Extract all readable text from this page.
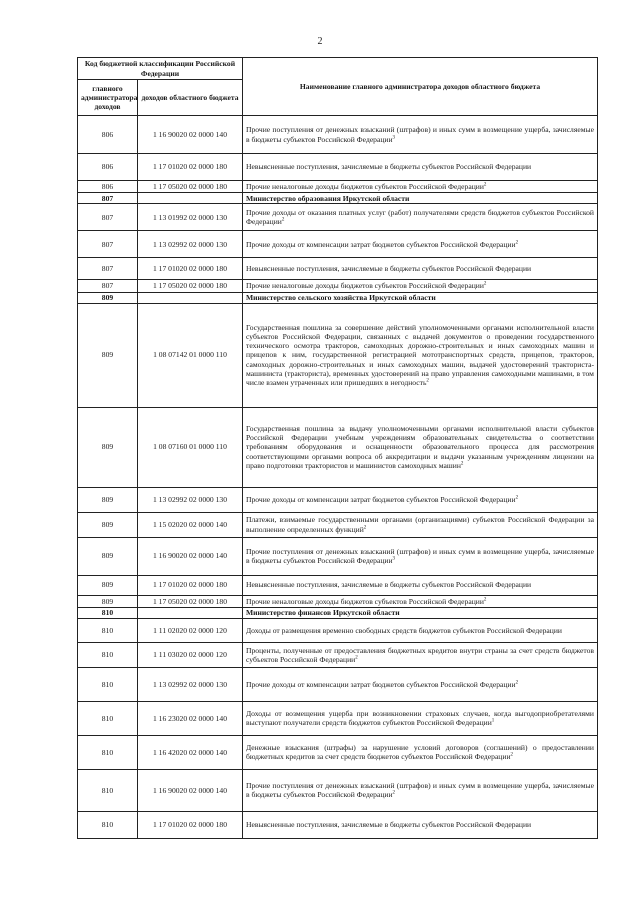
2
Код бюджетной классификации Российской Федерации		Наименование главного администратора доходов областного бюджета
главного администратора доходов	доходов областного бюджета	
806	1 16 90020 02 0000 140	Прочие поступления от денежных взысканий (штрафов) и иных сумм в возмещение ущерба, зачисляемые в бюджеты субъектов Российской Федерации$^3$
806	1 17 01020 02 0000 180	Невыясненные поступления, зачисляемые в бюджеты субъектов Российской Федерации
806	1 17 05020 02 0000 180	Прочие неналоговые доходы бюджетов субъектов Российской Федерации$^2$
807		Министерство образования Иркутской области
807	1 13 01992 02 0000 130	Прочие доходы от оказания платных услуг (работ) получателями средств бюджетов субъектов Российской Федерации$^2$
807	1 13 02992 02 0000 130	Прочие доходы от компенсации затрат бюджетов субъектов Российской Федерации$^2$
807	1 17 01020 02 0000 180	Невыясненные поступления, зачисляемые в бюджеты субъектов Российской Федерации
807	1 17 05020 02 0000 180	Прочие неналоговые доходы бюджетов субъектов Российской Федерации$^2$
809		Министерство сельского хозяйства Иркутской области
809	1 08 07142 01 0000 110	Государственная пошлина за совершение действий уполномоченными органами исполнительной власти субъектов Российской Федерации, связанных с выдачей документов о проведении государственного технического осмотра тракторов, самоходных дорожно-строительных и иных самоходных машин и прицепов к ним, государственной регистрацией мототранспортных средств, прицепов, тракторов, самоходных дорожно-строительных и иных самоходных машин, выдачей удостоверений тракториста-машиниста (тракториста), временных удостоверений на право управления самоходными машинами, в том числе взамен утраченных или пришедших в негодность$^2$
809	1 08 07160 01 0000 110	Государственная пошлина за выдачу уполномоченными органами исполнительной власти субъектов Российской Федерации учебным учреждениям образовательных свидетельства о соответствии требованиям оборудования и оснащенности образовательного процесса для рассмотрения соответствующими органами вопроса об аккредитации и выдачи указанным учреждениям лицензии на право подготовки трактористов и машинистов самоходных машин$^2$
809	1 13 02992 02 0000 130	Прочие доходы от компенсации затрат бюджетов субъектов Российской Федерации$^2$
809	1 15 02020 02 0000 140	Платежи, взимаемые государственными органами (организациями) субъектов Российской Федерации за выполнение определенных функций$^2$
809	1 16 90020 02 0000 140	Прочие поступления от денежных взысканий (штрафов) и иных сумм в возмещение ущерба, зачисляемые в бюджеты субъектов Российской Федерации$^3$
809	1 17 01020 02 0000 180	Невыясненные поступления, зачисляемые в бюджеты субъектов Российской Федерации
809	1 17 05020 02 0000 180	Прочие неналоговые доходы бюджетов субъектов Российской Федерации$^2$
810		Министерство финансов Иркутской области
810	1 11 02020 02 0000 120	Доходы от размещения временно свободных средств бюджетов субъектов Российской Федерации
810	1 11 03020 02 0000 120	Проценты, полученные от предоставления бюджетных кредитов внутри страны за счет средств бюджетов субъектов Российской Федерации$^2$
810	1 13 02992 02 0000 130	Прочие доходы от компенсации затрат бюджетов субъектов Российской Федерации$^2$
810	1 16 23020 02 0000 140	Доходы от возмещения ущерба при возникновении страховых случаев, когда выгодоприобретателями выступают получатели средств бюджетов субъектов Российской Федерации$^1$
810	1 16 42020 02 0000 140	Денежные взыскания (штрафы) за нарушение условий договоров (соглашений) о предоставлении бюджетных кредитов за счет средств бюджетов субъектов Российской Федерации$^2$
810	1 16 90020 02 0000 140	Прочие поступления от денежных взысканий (штрафов) и иных сумм в возмещение ущерба, зачисляемые в бюджеты субъектов Российской Федерации$^2$
810	1 17 01020 02 0000 180	Невыясненные поступления, зачисляемые в бюджеты субъектов Российской Федерации
